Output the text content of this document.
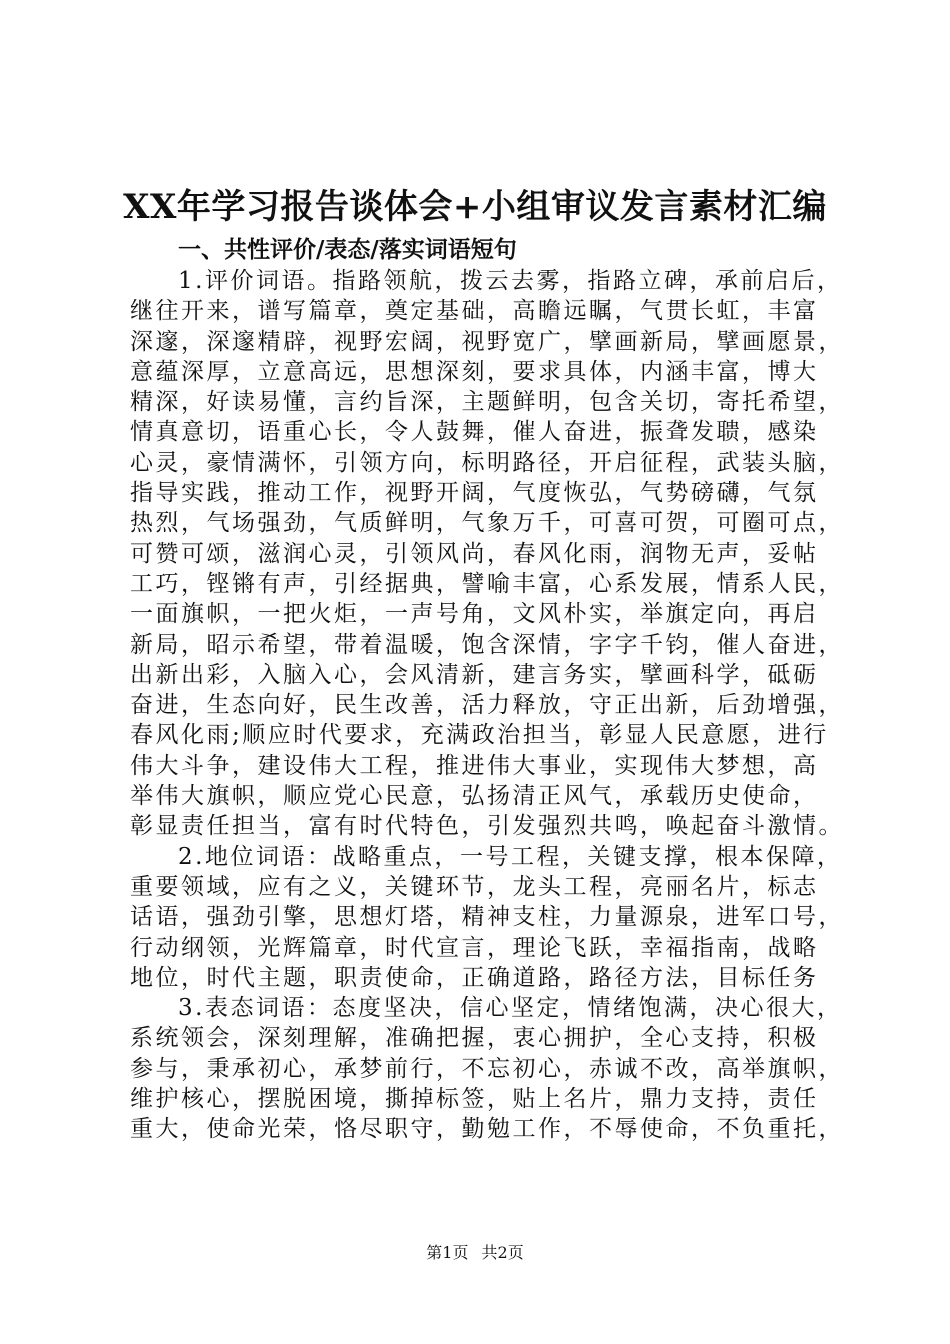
XX年学习报告谈体会+小组审议发言素材汇编
一、共性评价/表态/落实词语短句
1.评价词语。指路领航，拨云去雾，指路立碑，承前启后，
继往开来，谱写篇章，奠定基础，高瞻远瞩，气贯长虹，丰富
深邃，深邃精辟，视野宏阔，视野宽广，擘画新局，擘画愿景，
意蕴深厚，立意高远，思想深刻，要求具体，内涵丰富，博大
精深，好读易懂，言约旨深，主题鲜明，包含关切，寄托希望，
情真意切，语重心长，令人鼓舞，催人奋进，振聋发聩，感染
心灵，豪情满怀，引领方向，标明路径，开启征程，武装头脑，
指导实践，推动工作，视野开阔，气度恢弘，气势磅礴，气氛
热烈，气场强劲，气质鲜明，气象万千，可喜可贺，可圈可点，
可赞可颂，滋润心灵，引领风尚，春风化雨，润物无声，妥帖
工巧，铿锵有声，引经据典，譬喻丰富，心系发展，情系人民，
一面旗帜，一把火炬，一声号角，文风朴实，举旗定向，再启
新局，昭示希望，带着温暖，饱含深情，字字千钧，催人奋进，
出新出彩，入脑入心，会风清新，建言务实，擘画科学，砥砺
奋进，生态向好，民生改善，活力释放，守正出新，后劲增强，
春风化雨;顺应时代要求，充满政治担当，彰显人民意愿，进行
伟大斗争，建设伟大工程，推进伟大事业，实现伟大梦想，高
举伟大旗帜，顺应党心民意，弘扬清正风气，承载历史使命，
彰显责任担当，富有时代特色，引发强烈共鸣，唤起奋斗激情。
2.地位词语：战略重点，一号工程，关键支撑，根本保障，
重要领域，应有之义，关键环节，龙头工程，亮丽名片，标志
话语，强劲引擎，思想灯塔，精神支柱，力量源泉，进军口号，
行动纲领，光辉篇章，时代宣言，理论飞跃，幸福指南，战略
地位，时代主题，职责使命，正确道路，路径方法，目标任务
3.表态词语：态度坚决，信心坚定，情绪饱满，决心很大，
系统领会，深刻理解，准确把握，衷心拥护，全心支持，积极
参与，秉承初心，承梦前行，不忘初心，赤诚不改，高举旗帜，
维护核心，摆脱困境，撕掉标签，贴上名片，鼎力支持，责任
重大，使命光荣，恪尽职守，勤勉工作，不辱使命，不负重托，
第1页 共2页
